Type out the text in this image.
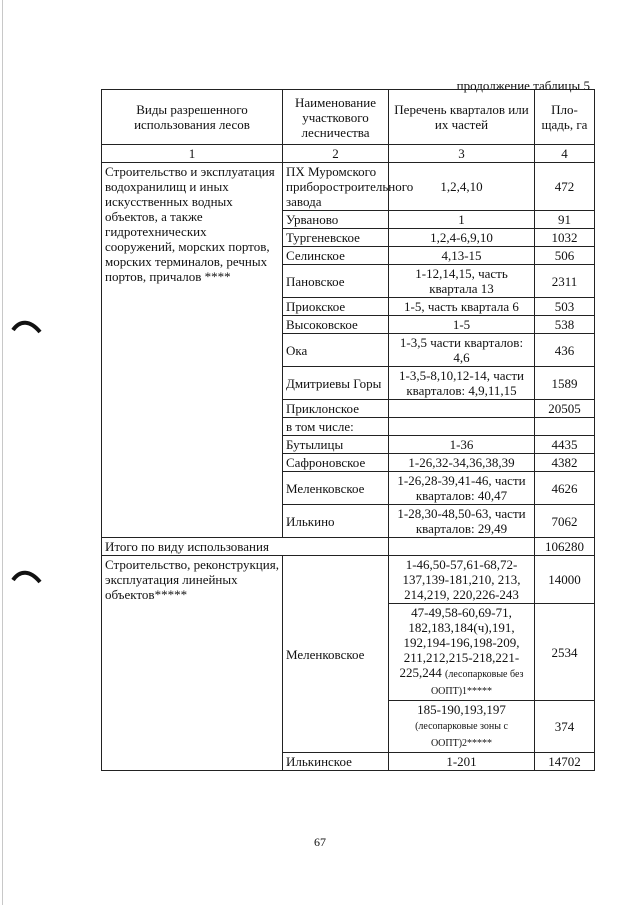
продолжение таблицы 5
Виды разрешенного использования лесов	Наименование участкового лесничества	Перечень кварталов или их частей	Пло-щадь, га
1	2	3	4
Строительство и эксплуатация водохранилищ и иных искусственных водных объектов, а также гидротехнических сооружений, морских портов, морских терминалов, речных портов, причалов ****	ПХ Муромского приборостроительного завода	1,2,4,10	472
	Урваново	1	91
	Тургеневское	1,2,4-6,9,10	1032
	Селинское	4,13-15	506
	Пановское	1-12,14,15, часть квартала 13	2311
	Приокское	1-5, часть квартала 6	503
	Высоковское	1-5	538
	Ока	1-3,5 части кварталов: 4,6	436
	Дмитриевы Горы	1-3,5-8,10,12-14, части кварталов: 4,9,11,15	1589
	Приклонское		20505
	в том числе:		
	Бутылицы	1-36	4435
	Сафроновское	1-26,32-34,36,38,39	4382
	Меленковское	1-26,28-39,41-46, части кварталов: 40,47	4626
	Илькино	1-28,30-48,50-63, части кварталов: 29,49	7062
Итого по виду использования			106280
Строительство, реконструкция, эксплуатация линейных объектов*****	Меленковское	1-46,50-57,61-68,72-137,139-181,210, 213, 214,219, 220,226-243	14000
		47-49,58-60,69-71, 182,183,184(ч),191, 192,194-196,198-209, 211,212,215-218,221-225,244 (лесопарковые без ООПТ)1*****	2534
		185-190,193,197 (лесопарковые зоны с ООПТ)2*****	374
	Илькинское	1-201	14702
67
